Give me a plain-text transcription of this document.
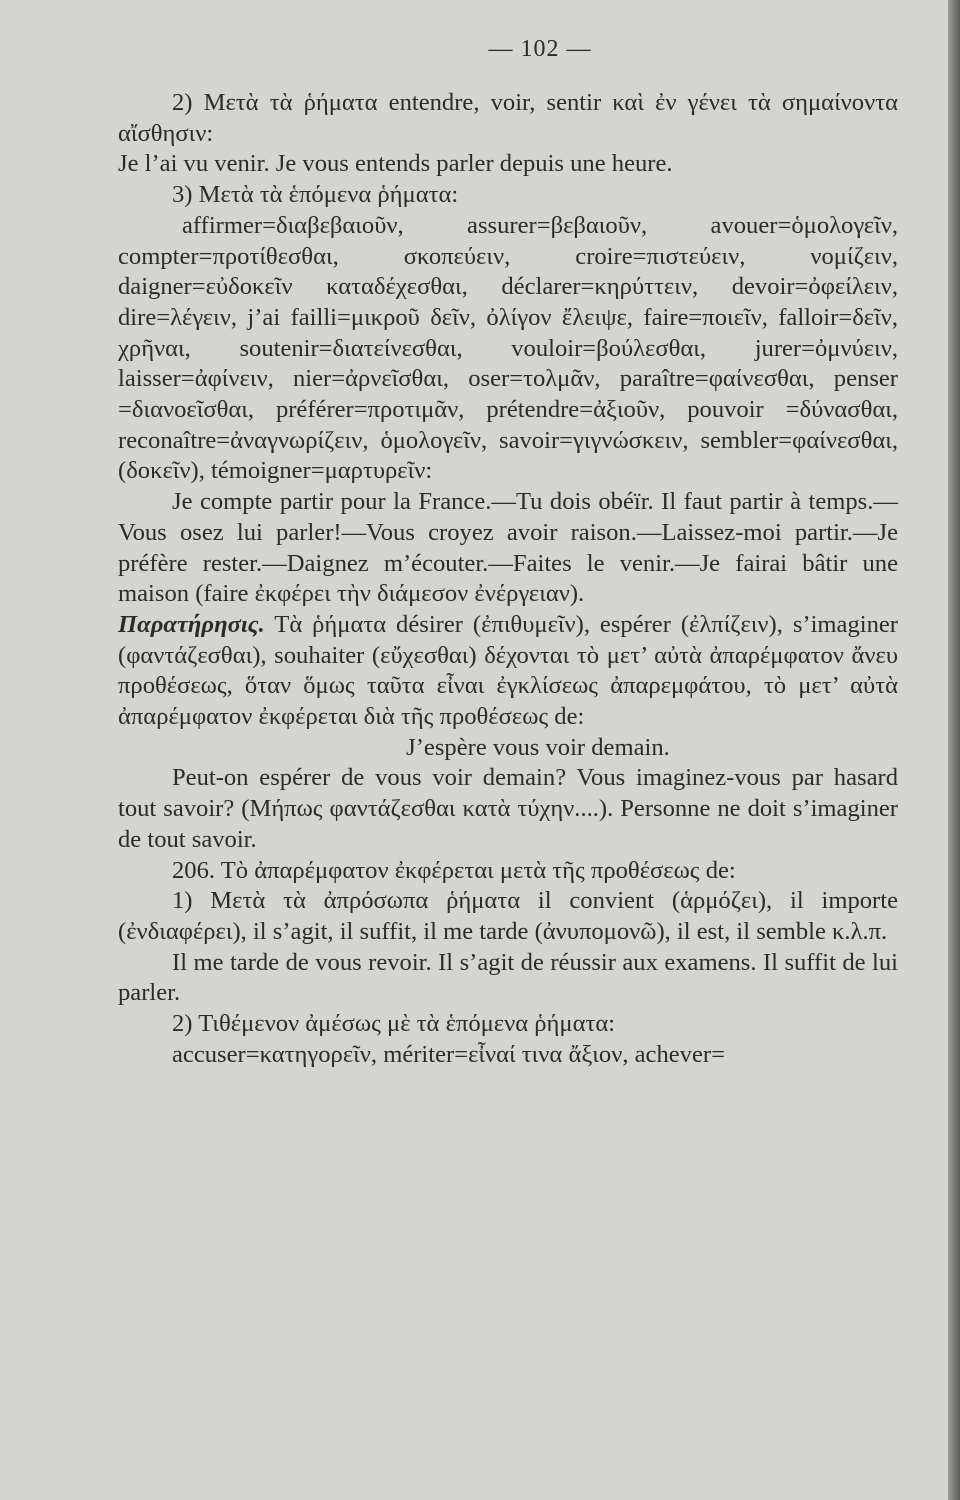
— 102 —

2) Μετὰ τὰ ῥήματα entendre, voir, sentir καὶ ἐν γένει τὰ σημαίνοντα αἴσθησιν:

Je l’ai vu venir. Je vous entends parler depuis une heure.

3) Μετὰ τὰ ἑπόμενα ῥήματα:

affirmer=διαβεβαιοῦν, assurer=βεβαιοῦν, avouer=ὁμολογεῖν, compter=προτίθεσθαι, σκοπεύειν, croire=πιστεύειν, νομίζειν, daigner=εὐδοκεῖν καταδέχεσθαι, déclarer=κηρύττειν, devoir=ὀφείλειν, dire=λέγειν, j’ai failli=μικροῦ δεῖν, ὀλίγον ἔλειψε, faire=ποιεῖν, falloir=δεῖν, χρῆναι, soutenir=διατείνεσθαι, vouloir=βούλεσθαι, jurer=ὀμνύειν, laisser=ἀφίνειν, nier=ἀρνεῖσθαι, oser=τολμᾶν, paraître=φαίνεσθαι, penser =διανοεῖσθαι, préférer=προτιμᾶν, prétendre=ἀξιοῦν, pouvoir =δύνασθαι, reconaître=ἀναγνωρίζειν, ὁμολογεῖν, savoir=γιγνώσκειν, sembler=φαίνεσθαι, (δοκεῖν), témoigner=μαρτυρεῖν:

Je compte partir pour la France.—Tu dois obéïr. Il faut partir à temps.—Vous osez lui parler!—Vous croyez avoir raison.—Laissez-moi partir.—Je préfère rester.—Daignez m’écouter.—Faites le venir.—Je fairai bâtir une maison (faire ἐκφέρει τὴν διάμεσον ἐνέργειαν).

Παρατήρησις. Τὰ ῥήματα désirer (ἐπιθυμεῖν), espérer (ἐλπίζειν), s’imaginer (φαντάζεσθαι), souhaiter (εὔχεσθαι) δέχονται τὸ μετ’ αὐτὰ ἀπαρέμφατον ἄνευ προθέσεως, ὅταν ὅμως ταῦτα εἶναι ἐγκλίσεως ἀπαρεμφάτου, τὸ μετ’ αὐτὰ ἀπαρέμφατον ἐκφέρεται διὰ τῆς προθέσεως de:

J’espère vous voir demain.

Peut-on espérer de vous voir demain? Vous imaginez-vous par hasard tout savoir? (Μήπως φαντάζεσθαι κατὰ τύχην....). Personne ne doit s’imaginer de tout savoir.

206. Τὸ ἀπαρέμφατον ἐκφέρεται μετὰ τῆς προθέσεως de:

1) Μετὰ τὰ ἀπρόσωπα ῥήματα il convient (ἁρμόζει), il importe (ἐνδιαφέρει), il s’agit, il suffit, il me tarde (ἀνυπομονῶ), il est, il semble κ.λ.π.

Il me tarde de vous revoir. Il s’agit de réussir aux examens. Il suffit de lui parler.

2) Τιθέμενον ἀμέσως μὲ τὰ ἑπόμενα ῥήματα:

accuser=κατηγορεῖν, mériter=εἶναί τινα ἄξιον, achever=
